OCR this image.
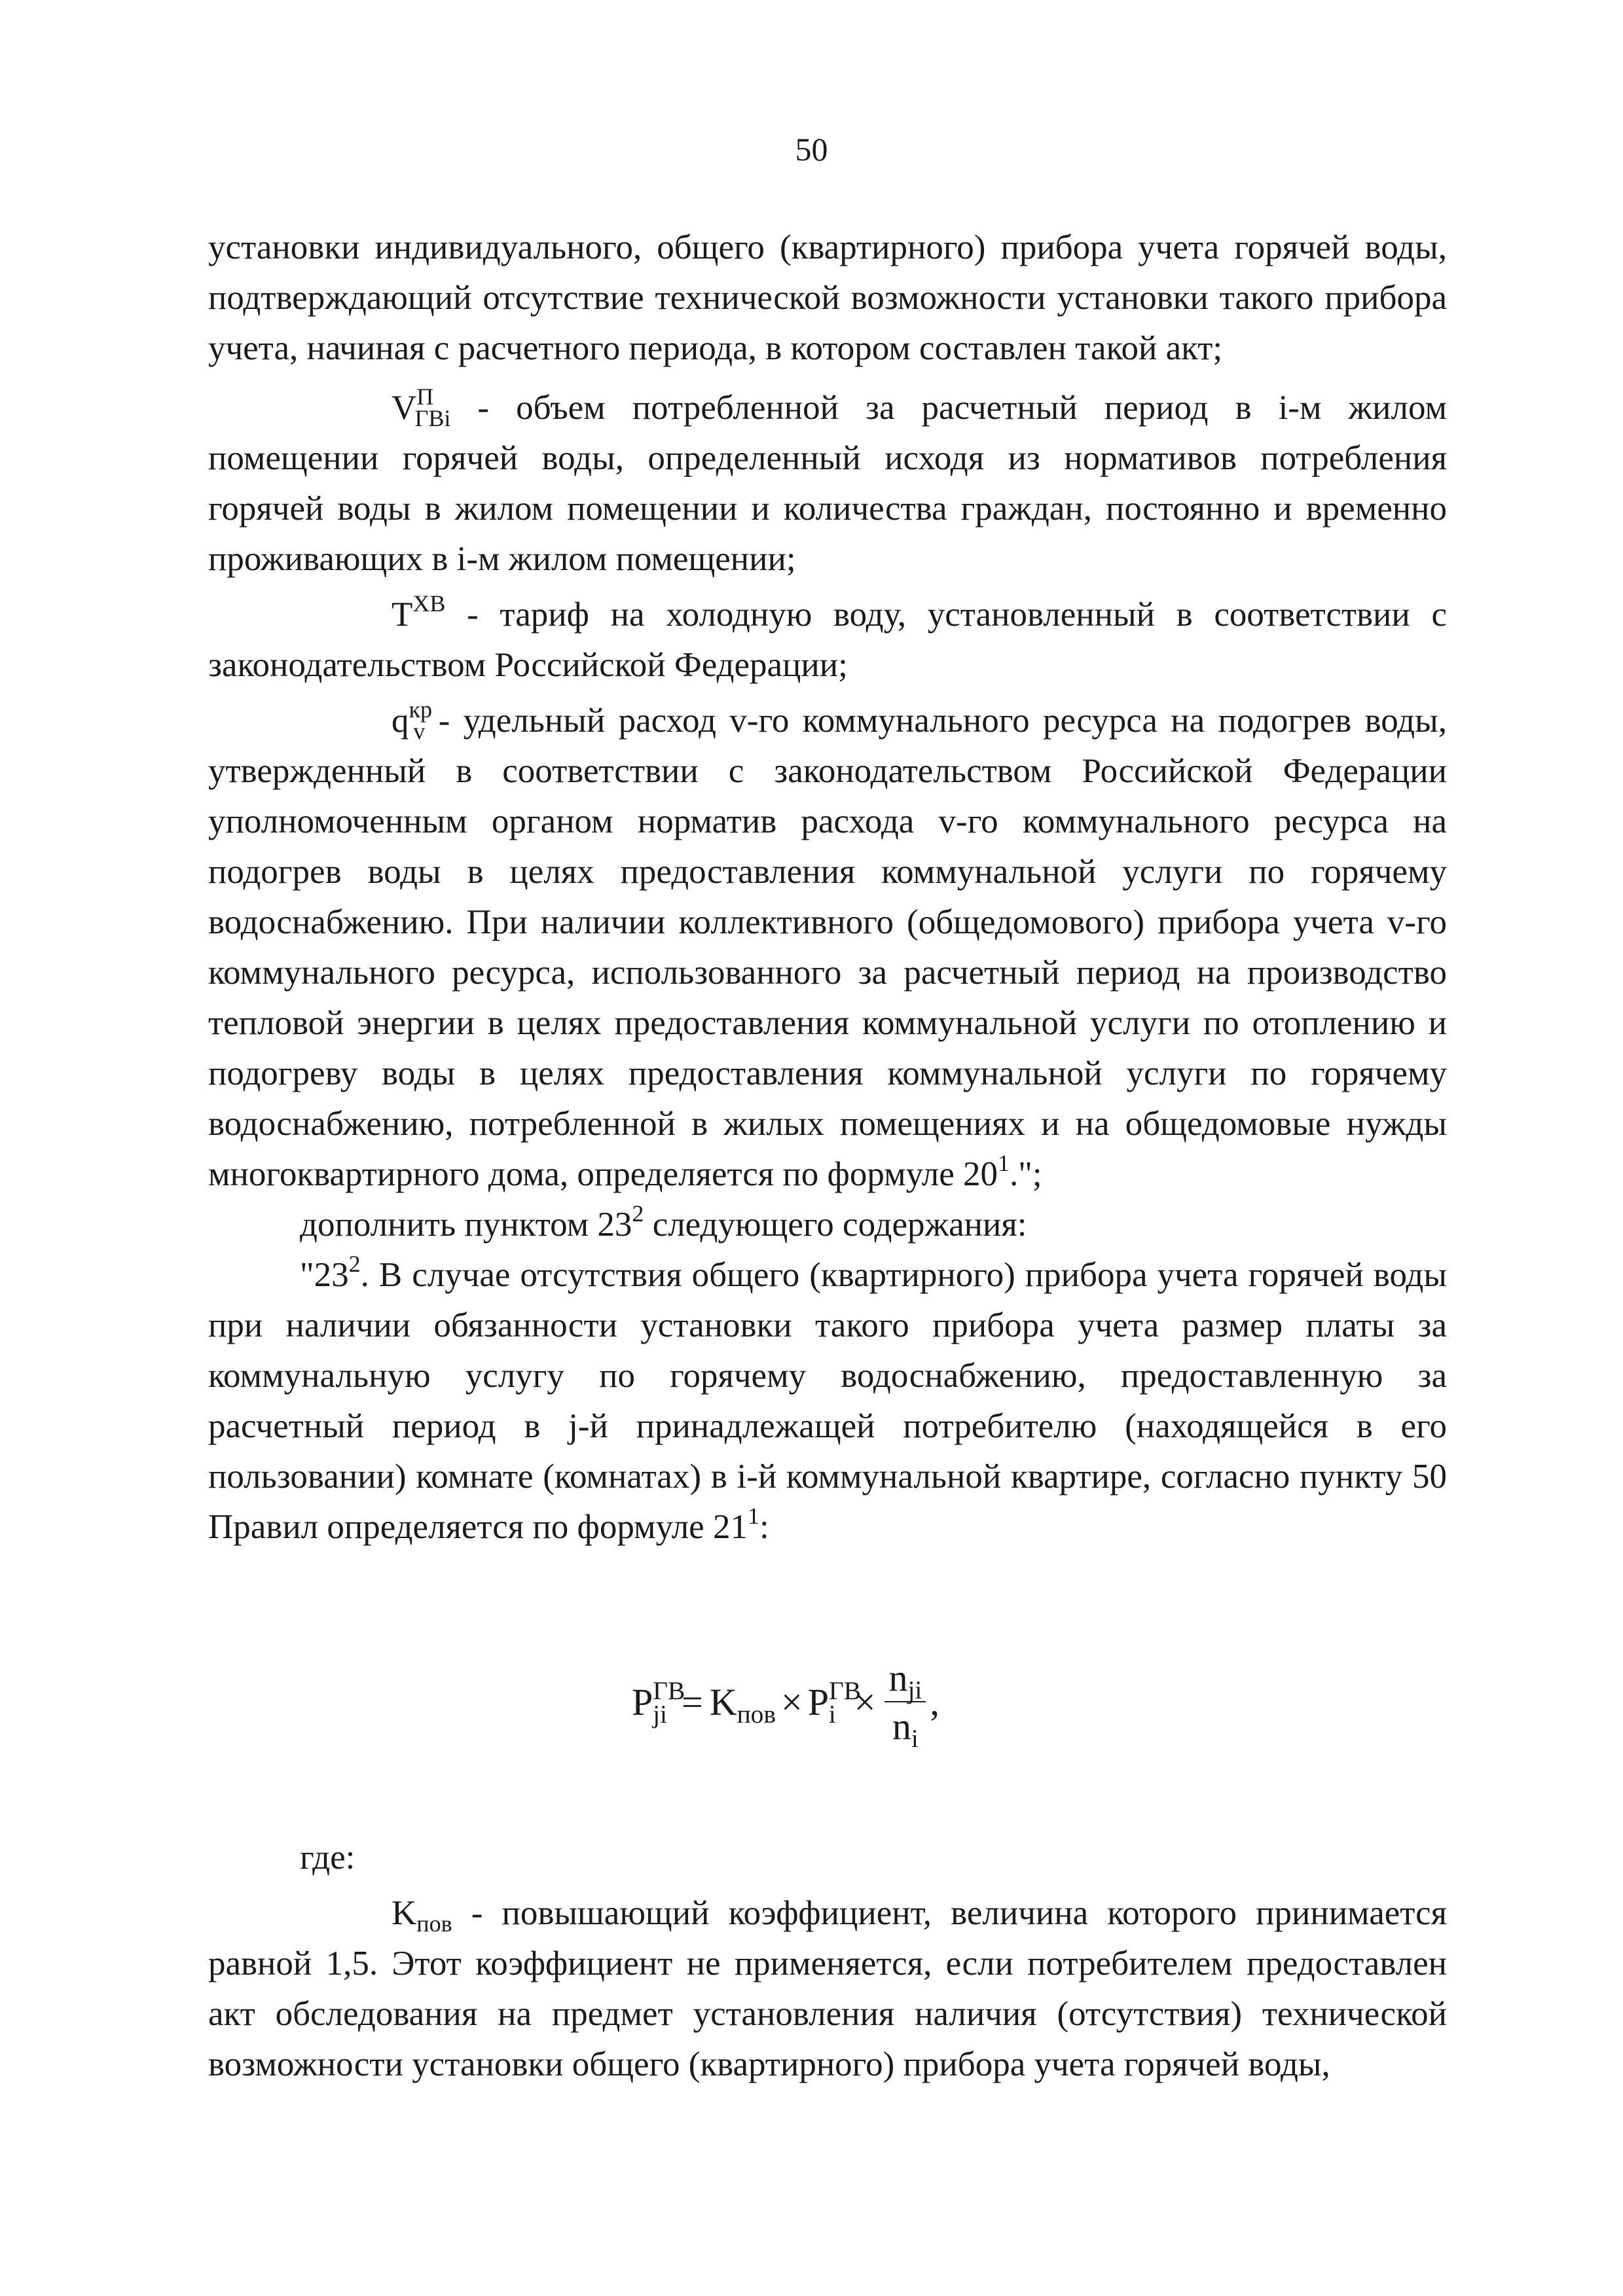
50

установки индивидуального, общего (квартирного) прибора учета горячей воды, подтверждающий отсутствие технической возможности установки такого прибора учета, начиная с расчетного периода, в котором составлен такой акт;

$V^П_{ГВi}$ - объем потребленной за расчетный период в i-м жилом помещении горячей воды, определенный исходя из нормативов потребления горячей воды в жилом помещении и количества граждан, постоянно и временно проживающих в i-м жилом помещении;

$T^{ХВ}$ - тариф на холодную воду, установленный в соответствии с законодательством Российской Федерации;

$q^{кр}_v$ - удельный расход v-го коммунального ресурса на подогрев воды, утвержденный в соответствии с законодательством Российской Федерации уполномоченным органом норматив расхода v-го коммунального ресурса на подогрев воды в целях предоставления коммунальной услуги по горячему водоснабжению. При наличии коллективного (общедомового) прибора учета v-го коммунального ресурса, использованного за расчетный период на производство тепловой энергии в целях предоставления коммунальной услуги по отоплению и подогреву воды в целях предоставления коммунальной услуги по горячему водоснабжению, потребленной в жилых помещениях и на общедомовые нужды многоквартирного дома, определяется по формуле $20^1$.";

дополнить пунктом $23^2$ следующего содержания:

"$23^2$. В случае отсутствия общего (квартирного) прибора учета горячей воды при наличии обязанности установки такого прибора учета размер платы за коммунальную услугу по горячему водоснабжению, предоставленную за расчетный период в j-й принадлежащей потребителю (находящейся в его пользовании) комнате (комнатах) в i-й коммунальной квартире, согласно пункту 50 Правил определяется по формуле $21^1$:

$P^{ГВ}_{ji} = K_{пов} \times P^{ГВ}_i \times \frac{n_{ji}}{n_i}$ ,

где:

$K_{пов}$ - повышающий коэффициент, величина которого принимается равной 1,5. Этот коэффициент не применяется, если потребителем предоставлен акт обследования на предмет установления наличия (отсутствия) технической возможности установки общего (квартирного) прибора учета горячей воды,
